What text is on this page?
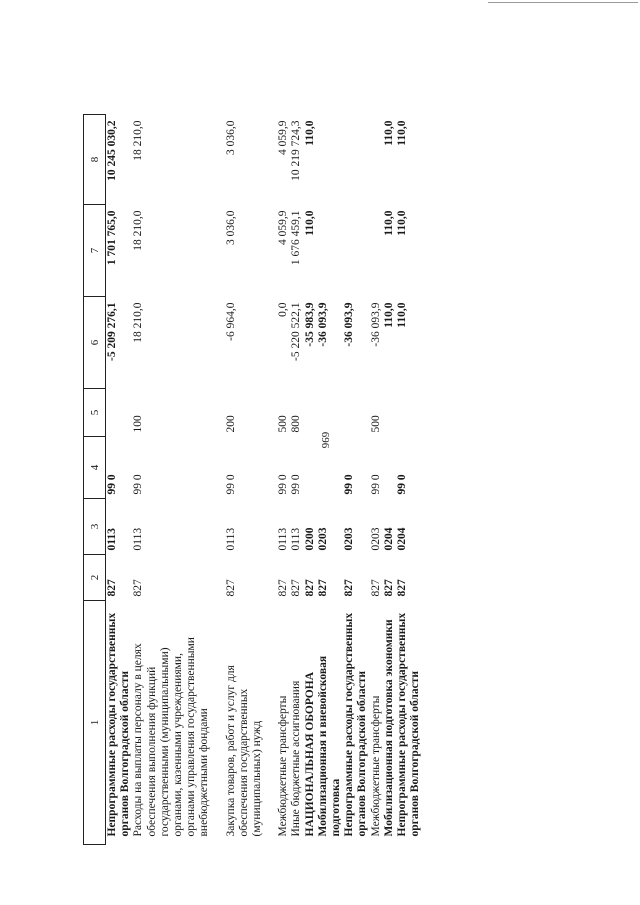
696
1	2	3	4	5	6	7	8
Непрограммные расходы государственных органов Волгоградской области	827	0113	99 0		-5 209 276,1	1 701 765,0	10 245 030,2
Расходы на выплаты персоналу в целях обеспечения выполнения функций государственными (муниципальными) органами, казенными учреждениями, органами управления государственными внебюджетными фондами	827	0113	99 0	100	18 210,0	18 210,0	18 210,0

Закупка товаров, работ и услуг для обеспечения государственных (муниципальных) нужд	827	0113	99 0	200	-6 964,0	3 036,0	3 036,0

Межбюджетные трансферты	827	0113	99 0	500	0,0	4 059,9	4 059,9
Иные бюджетные ассигнования	827	0113	99 0	800	-5 220 522,1	1 676 459,1	10 219 724,3
НАЦИОНАЛЬНАЯ ОБОРОНА	827	0200			-35 983,9	110,0	110,0
Мобилизационная и вневойсковая подготовка	827	0203			-36 093,9		
Непрограммные расходы государственных органов Волгоградской области	827	0203	99 0		-36 093,9		
Межбюджетные трансферты	827	0203	99 0	500	-36 093,9		
Мобилизационная подготовка экономики	827	0204			110,0	110,0	110,0
Непрограммные расходы государственных органов Волгоградской области	827	0204	99 0		110,0	110,0	110,0
